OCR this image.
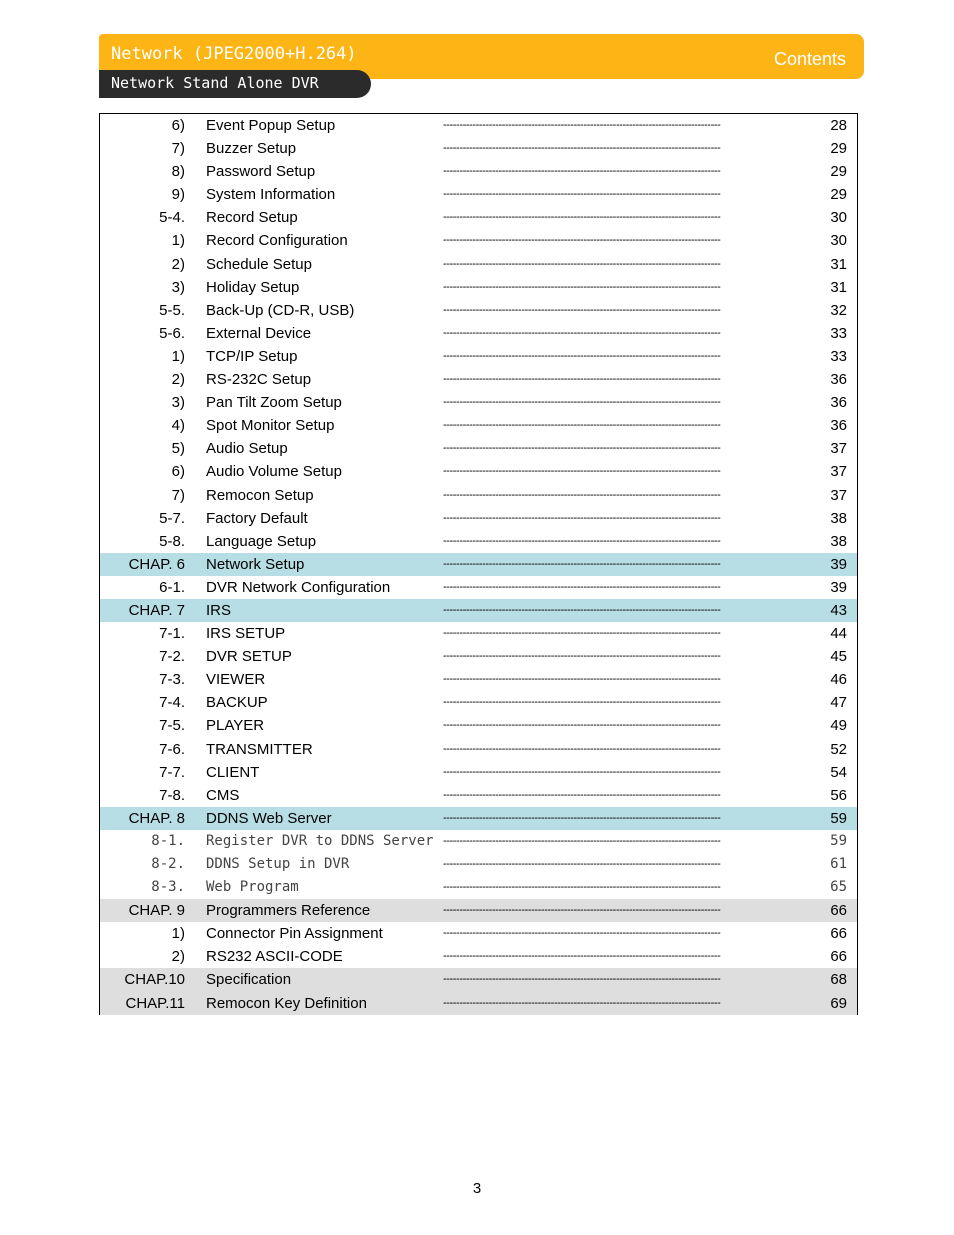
Network (JPEG2000+H.264)	Contents
Network Stand Alone DVR
6) Event Popup Setup	-------------------------------------------------------------------------------------	28
7) Buzzer Setup	-------------------------------------------------------------------------------------	29
8) Password Setup	-------------------------------------------------------------------------------------	29
9) System Information	-------------------------------------------------------------------------------------	29
5-4. Record Setup	-------------------------------------------------------------------------------------	30
1) Record Configuration	-------------------------------------------------------------------------------------	30
2) Schedule Setup	-------------------------------------------------------------------------------------	31
3) Holiday Setup	-------------------------------------------------------------------------------------	31
5-5. Back-Up (CD-R, USB)	-------------------------------------------------------------------------------------	32
5-6. External Device	-------------------------------------------------------------------------------------	33
1) TCP/IP Setup	-------------------------------------------------------------------------------------	33
2) RS-232C Setup	-------------------------------------------------------------------------------------	36
3) Pan Tilt Zoom Setup	-------------------------------------------------------------------------------------	36
4) Spot Monitor Setup	-------------------------------------------------------------------------------------	36
5) Audio Setup	-------------------------------------------------------------------------------------	37
6) Audio Volume Setup	-------------------------------------------------------------------------------------	37
7) Remocon Setup	-------------------------------------------------------------------------------------	37
5-7. Factory Default	-------------------------------------------------------------------------------------	38
5-8. Language Setup	-------------------------------------------------------------------------------------	38
CHAP. 6 Network Setup	-------------------------------------------------------------------------------------	39
6-1. DVR Network Configuration	-------------------------------------------------------------------------------------	39
CHAP. 7 IRS	-------------------------------------------------------------------------------------	43
7-1. IRS SETUP	-------------------------------------------------------------------------------------	44
7-2. DVR SETUP	-------------------------------------------------------------------------------------	45
7-3. VIEWER	-------------------------------------------------------------------------------------	46
7-4. BACKUP	-------------------------------------------------------------------------------------	47
7-5. PLAYER	-------------------------------------------------------------------------------------	49
7-6. TRANSMITTER	-------------------------------------------------------------------------------------	52
7-7. CLIENT	-------------------------------------------------------------------------------------	54
7-8. CMS	-------------------------------------------------------------------------------------	56
CHAP. 8 DDNS Web Server	-------------------------------------------------------------------------------------	59
8-1. Register DVR to DDNS Server -------------------------------------------------------------------------------------	59
8-2. DDNS Setup in DVR	-------------------------------------------------------------------------------------	61
8-3. Web Program	-------------------------------------------------------------------------------------	65
CHAP. 9 Programmers Reference	-------------------------------------------------------------------------------------	66
1) Connector Pin Assignment	-------------------------------------------------------------------------------------	66
2) RS232 ASCII-CODE	-------------------------------------------------------------------------------------	66
CHAP.10 Specification	-------------------------------------------------------------------------------------	68
CHAP.11 Remocon Key Definition	-------------------------------------------------------------------------------------	69
3
